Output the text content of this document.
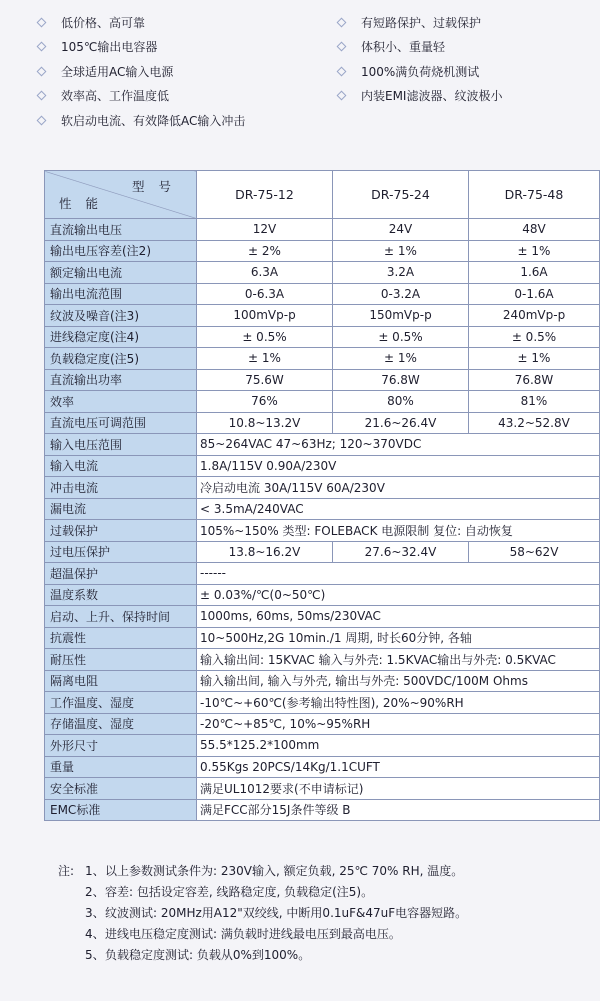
低价格、高可靠
105℃输出电容器
全球适用AC输入电源
效率高、工作温度低
软启动电流、有效降低AC输入冲击
有短路保护、过载保护
体积小、重量轻
100%满负荷烧机测试
内装EMI滤波器、纹波极小
型 号
性 能	DR-75-12	DR-75-24	DR-75-48
直流输出电压	12V	24V	48V
输出电压容差(注2)	± 2%	± 1%	± 1%
额定输出电流	6.3A	3.2A	1.6A
输出电流范围	0-6.3A	0-3.2A	0-1.6A
纹波及噪音(注3)	100mVp-p	150mVp-p	240mVp-p
进线稳定度(注4)	± 0.5%	± 0.5%	± 0.5%
负载稳定度(注5)	± 1%	± 1%	± 1%
直流输出功率	75.6W	76.8W	76.8W
效率	76%	80%	81%
直流电压可调范围	10.8~13.2V	21.6~26.4V	43.2~52.8V
输入电压范围	85~264VAC 47~63Hz; 120~370VDC		
输入电流	1.8A/115V 0.90A/230V		
冲击电流	冷启动电流 30A/115V 60A/230V		
漏电流	< 3.5mA/240VAC		
过载保护	105%~150% 类型: FOLEBACK 电源限制 复位: 自动恢复		
过电压保护	13.8~16.2V	27.6~32.4V	58~62V
超温保护	------		
温度系数	± 0.03%/℃(0~50℃)		
启动、上升、保持时间	1000ms, 60ms, 50ms/230VAC		
抗震性	10~500Hz,2G 10min./1 周期, 时长60分钟, 各轴		
耐压性	输入输出间: 15KVAC 输入与外壳: 1.5KVAC输出与外壳: 0.5KVAC		
隔离电阻	输入输出间, 输入与外壳, 输出与外壳: 500VDC/100M Ohms		
工作温度、湿度	-10℃~+60℃(参考输出特性图), 20%~90%RH		
存储温度、湿度	-20℃~+85℃, 10%~95%RH		
外形尺寸	55.5*125.2*100mm		
重量	0.55Kgs 20PCS/14Kg/1.1CUFT		
安全标准	满足UL1012要求(不申请标记)		
EMC标准	满足FCC部分15J条件等级 B		
注: 1、 以上参数测试条件为: 230V输入, 额定负载, 25℃ 70% RH, 温度。
2、 容差: 包括设定容差, 线路稳定度, 负载稳定(注5)。
3、 纹波测试: 20MHz用A12"双绞线, 中断用0.1uF&47uF电容器短路。
4、 进线电压稳定度测试: 满负载时进线最电压到最高电压。
5、 负载稳定度测试: 负载从0%到100%。
